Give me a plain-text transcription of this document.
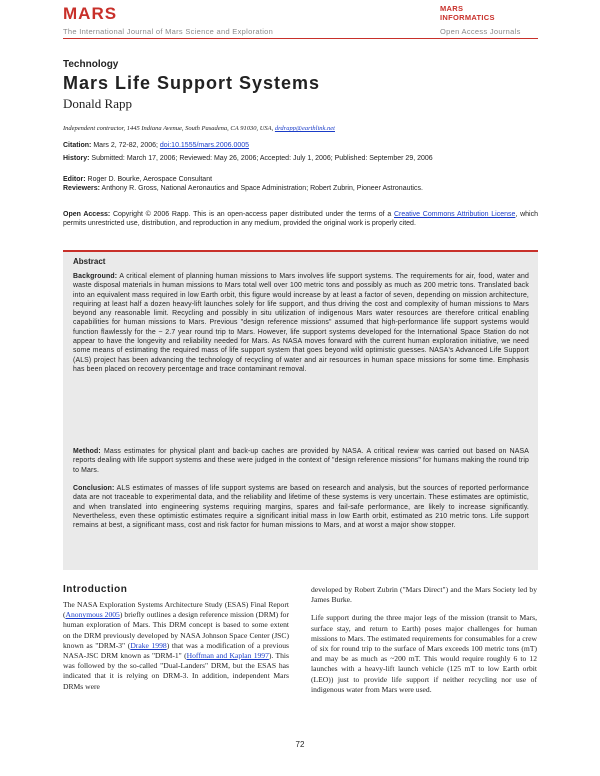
MARS
The International Journal of Mars Science and Exploration
MARS
INFORMATICS
Open Access Journals
Technology
Mars Life Support Systems
Donald Rapp
Independent contractor, 1445 Indiana Avenue, South Pasadena, CA 91030, USA, drdrapp@earthlink.net
Citation: Mars 2, 72-82, 2006; doi:10.1555/mars.2006.0005
History: Submitted: March 17, 2006; Reviewed: May 26, 2006; Accepted: July 1, 2006; Published: September 29, 2006
Editor: Roger D. Bourke, Aerospace Consultant
Reviewers: Anthony R. Gross, National Aeronautics and Space Administration; Robert Zubrin, Pioneer Astronautics.
Open Access: Copyright © 2006 Rapp. This is an open-access paper distributed under the terms of a Creative Commons Attribution License, which permits unrestricted use, distribution, and reproduction in any medium, provided the original work is properly cited.
Abstract
Background: A critical element of planning human missions to Mars involves life support systems. The requirements for air, food, water and waste disposal materials in human missions to Mars total well over 100 metric tons and possibly as much as 200 metric tons. Translated back into an equivalent mass required in low Earth orbit, this figure would increase by at least a factor of seven, depending on mission architecture, requiring at least half a dozen heavy-lift launches solely for life support, and thus driving the cost and complexity of human missions to Mars beyond any reasonable limit. Recycling and possibly in situ utilization of indigenous Mars water resources are therefore critical enabling capabilities for human missions to Mars. Previous "design reference missions" assumed that high-performance life support systems would function flawlessly for the ~ 2.7 year round trip to Mars. However, life support systems developed for the International Space Station do not appear to have the longevity and reliability needed for Mars. As NASA moves forward with the current human exploration initiative, we need some means of estimating the required mass of life support system that goes beyond wild optimistic guesses. NASA's Advanced Life Support (ALS) project has been advancing the technology of recycling of water and air resources in human space missions for some time. Emphasis has been placed on recovery percentage and trace contaminant removal.
Method: Mass estimates for physical plant and back-up caches are provided by NASA. A critical review was carried out based on NASA reports dealing with life support systems and these were judged in the context of "design reference missions" for humans making the round trip to Mars.
Conclusion: ALS estimates of masses of life support systems are based on research and analysis, but the sources of reported performance data are not traceable to experimental data, and the reliability and lifetime of these systems is very uncertain. These estimates are optimistic, and when translated into engineering systems requiring margins, spares and fail-safe performance, are likely to increase significantly. Nevertheless, even these optimistic estimates require a significant initial mass in low Earth orbit, estimated as 210 metric tons. Life support remains at best, a significant mass, cost and risk factor for human missions to Mars, and at worst a major show stopper.
Introduction
The NASA Exploration Systems Architecture Study (ESAS) Final Report (Anonymous 2005) briefly outlines a design reference mission (DRM) for human exploration of Mars. This DRM concept is based to some extent on the DRM previously developed by NASA Johnson Space Center (JSC) known as "DRM-3" (Drake 1998) that was a modification of a previous NASA-JSC DRM known as "DRM-1" (Hoffman and Kaplan 1997). This was followed by the so-called "Dual-Landers" DRM, but the ESAS has indicated that it is relying on DRM-3. In addition, independent Mars DRMs were
developed by Robert Zubrin ("Mars Direct") and the Mars Society led by James Burke.
Life support during the three major legs of the mission (transit to Mars, surface stay, and return to Earth) poses major challenges for human missions to Mars. The estimated requirements for consumables for a crew of six for round trip to the surface of Mars exceeds 100 metric tons (mT) and may be as much as ~200 mT. This would require roughly 6 to 12 launches with a heavy-lift launch vehicle (125 mT to low Earth orbit (LEO)) just to provide life support if neither recycling nor use of indigenous water from Mars were used.
72
